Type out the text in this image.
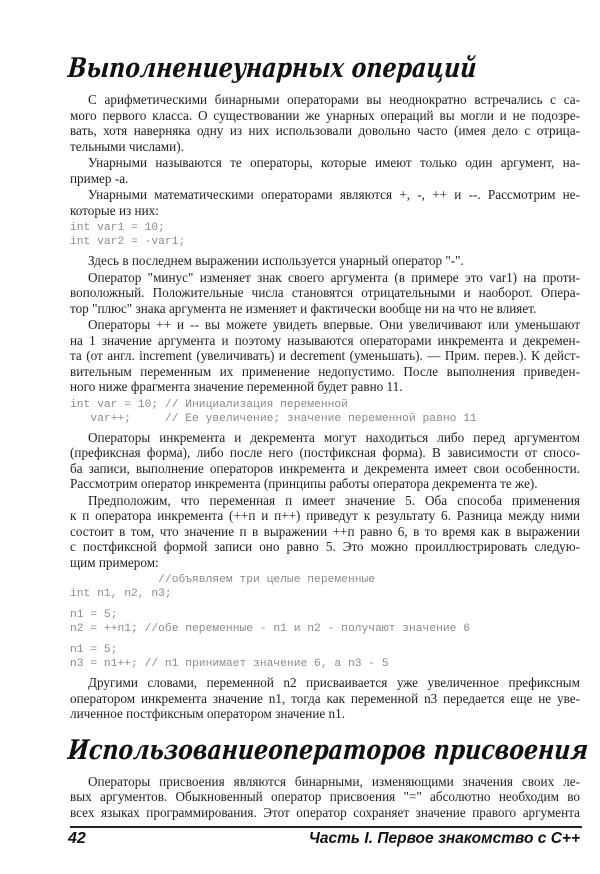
Выполнениеунарных операций
С арифметическими бинарными операторами вы неоднократно встречались с са-
мого первого класса. О существовании же унарных операций вы могли и не подозре-
вать, хотя наверняка одну из них использовали довольно часто (имея дело с отрица-
тельными числами).
Унарными называются те операторы, которые имеют только один аргумент, на-
пример -a.
Унарными математическими операторами являются +, -, ++ и --. Рассмотрим не-
которые из них:
int var1 = 10;
int var2 = -var1;
Здесь в последнем выражении используется унарный оператор "-".
Оператор "минус" изменяет знак своего аргумента (в примере это var1) на проти-
воположный. Положительные числа становятся отрицательными и наоборот. Опера-
тор "плюс" знака аргумента не изменяет и фактически вообще ни на что не влияет.
Операторы ++ и -- вы можете увидеть впервые. Они увеличивают или уменьшают
на 1 значение аргумента и поэтому называются операторами инкремента и декремен-
та (от англ. increment (увеличивать) и decrement (уменьшать). — Прим. перев.). К дейст-
вительным переменным их применение недопустимо. После выполнения приведен-
ного ниже фрагмента значение переменной будет равно 11.
int var = 10; // Инициализация переменной
var++;     // Ее увеличение; значение переменной равно 11
Операторы инкремента и декремента могут находиться либо перед аргументом
(префиксная форма), либо после него (постфиксная форма). В зависимости от спосо-
ба записи, выполнение операторов инкремента и декремента имеет свои особенности.
Рассмотрим оператор инкремента (принципы работы оператора декремента те же).
Предположим, что переменная п имеет значение 5. Оба способа применения
к п оператора инкремента (++п и п++) приведут к результату 6. Разница между ними
состоит в том, что значение п в выражении ++п равно 6, в то время как в выражении
с постфиксной формой записи оно равно 5. Это можно проиллюстрировать следую-
щим примером:
//объявляем три целые переменные
int n1, n2, n3;
n1 = 5;
n2 = ++n1; //обе переменные - n1 и n2 - получают значение 6
n1 = 5;
n3 = n1++; // n1 принимает значение 6, а n3 - 5
Другими словами, переменной n2 присваивается уже увеличенное префиксным
оператором инкремента значение n1, тогда как переменной n3 передается еще не уве-
личенное постфиксным оператором значение n1.
Использованиеоператоров присвоения
Операторы присвоения являются бинарными, изменяющими значения своих ле-
вых аргументов. Обыкновенный оператор присвоения "=" абсолютно необходим во
всех языках программирования. Этот оператор сохраняет значение правого аргумента
42	Часть I. Первое знакомство с C++
